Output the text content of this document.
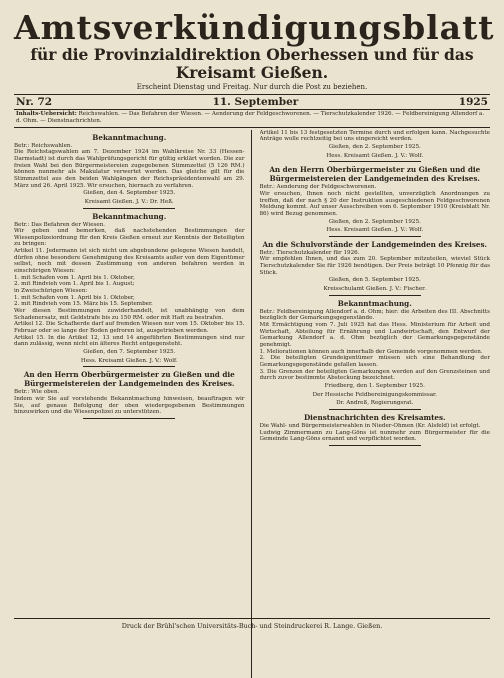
Amtsverkündigungsblatt
für die Provinzialdirektion Oberhessen und für das Kreisamt Gießen.
Erscheint Dienstag und Freitag. Nur durch die Post zu beziehen.
Nr. 72	11. September	1925
Inhalts-Uebersicht: Reichswahlen. — Das Befahren der Wiesen. — Aenderung der Feldgeschworenen. — Tierschutzkalender 1926. — Feldbereinigung Allendorf a. d. Ohm. — Dienstnachrichten.
Bekanntmachung.

Betr.: Reichswahlen.

Die Reichstagswahlen am 7. Dezember 1924 im Wahlkreise Nr. 33 (Hessen-Darmstadt) ist durch das Wahlprüfungsgericht für gültig erklärt worden. Die zur freien Wahl bei den Bürgermeistereien zugegebenen Stimmzettel (5 126 RM.) können nunmehr als Makulatur verwertet werden. Das gleiche gilt für die Stimmzettel aus den beiden Wahlgängen der Reichspräsidentenwahl am 29. März und 26. April 1925. Wir ersuchen, hiernach zu verfahren.

Gießen, den 4. September 1925.
Kreisamt Gießen. J. V.: Dr. Heß.
Bekanntmachung.

Betr.: Das Befahren der Wiesen.

Wir geben und bemerken, daß nachstehenden Bestimmungen der Wiesenpolizeiordnung für den Kreis Gießen erneut zur Kenntnis der Beteiligten zu bringen:

Artikel 11. Jedermann ist sich nicht um abgebundene gelegene Wiesen handelt, dürfen ohne besondere Genehmigung des Kreisamts außer von dem Eigentümer selbst, noch mit dessen Zustimmung von anderen befahren werden in einschürigen Wiesen:

1. mit Schafen vom 1. April bis 1. Oktober,

2. mit Rindvieh vom 1. April bis 1. August;

in Zweischürigen Wiesen:

1. mit Schafen vom 1. April bis 1. Oktober,

2. mit Rindvieh vom 15. März bis 15. September.

Wer diesen Bestimmungen zuwiderhandelt, ist unabhängig von dem Schadenersatz, mit Geldstrafe bis zu 150 RM. oder mit Haft zu bestrafen.

Artikel 12. Die Schafherde darf auf fremden Wiesen nur vom 15. Oktober bis 15. Februar oder so lange der Boden gefroren ist, ausgetrieben werden.

Artikel 15. In die Artikel 12, 13 und 14 angeführten Bestimmungen sind nur dann zulässig, wenn nicht ein älteres Recht entgegensteht.

Gießen, den 7. September 1925.
Hess. Kreisamt Gießen. J. V.: Wolf.
An den Herrn Oberbürgermeister zu Gießen und die Bürgermeistereien der Landgemeinden des Kreises.

Betr.: Wie oben.

Indem wir Sie auf vorstehende Bekanntmachung hinweisen, beauftragen wir Sie, auf genaue Befolgung der oben wiedergegebenen Bestimmungen hinzuwirken und die Wiesenpolizei zu unterstützen.

Artikel 11 bis 13 festgesetzten Termine durch und erfolgen kann. Nachgesuchte Anträge wolle rechtzeitig bei uns eingereicht werden.

Gießen, den 2. September 1925.
Hess. Kreisamt Gießen. J. V.: Wolf.
An den Herrn Oberbürgermeister zu Gießen und die Bürgermeistereien der Landgemeinden des Kreises.

Betr.: Aenderung der Feldgeschworenen.

Wir ersuchen, Ihnen noch nicht gestellten, unverzüglich Anordnungen zu treffen, daß der nach § 20 der Instruktion ausgeschiedenen Feldgeschworenen Meldung kommt. Auf unser Ausschreiben vom 6. September 1910 (Kreisblatt Nr. 86) wird Bezug genommen.

Gießen, den 2. September 1925.
Hess. Kreisamt Gießen. J. V.: Wolf.
An die Schulvorstände der Landgemeinden des Kreises.

Betr.: Tierschutzkalender für 1926.

Wir empfehlen Ihnen, und das zum 20. September mitzuteilen, wieviel Stück Tierschutzkalender Sie für 1926 benötigen. Der Preis beträgt 10 Pfennig für das Stück.

Gießen, den 5. September 1925.
Kreisschulamt Gießen. J. V.: Fischer.
Bekanntmachung.

Betr.: Feldbereinigung Allendorf a. d. Ohm; hier: die Arbeiten des III. Abschnitts bezüglich der Gemarkungsgegenstände.

Mit Ermächtigung vom 7. Juli 1925 hat das Hess. Ministerium für Arbeit und Wirtschaft, Abteilung für Ernährung und Landwirtschaft, den Entwurf der Gemarkung Allendorf a. d. Ohm bezüglich der Gemarkungsgegenstände genehmigt.

1. Meliorationen können auch innerhalb der Gemeinde vorgenommen werden.

2. Die beteiligten Grundeigentümer müssen sich eine Behandlung der Gemarkungsgegenstände gefallen lassen.

3. Die Grenzen der beteiligten Gemarkungen werden auf den Grenzsteinen und durch zuvor bestimmte Absteckung bezeichnet.

Friedberg, den 1. September 1925.
Der Hessische Feldbereinigungskommissar.
Dr. Andreß, Regierungsrat.
Dienstnachrichten des Kreisamtes.

Die Wahl- und Bürgermeisterwahlen in Nieder-Ohmen (Kr. Alsfeld) ist erfolgt.

Ludwig Zimmermann zu Lang-Göns ist nunmehr zum Bürgermeister für die Gemeinde Lang-Göns ernannt und verpflichtet worden.

Druck der Brühl'schen Universitäts-Buch- und Steindruckerei R. Lange. Gießen.
